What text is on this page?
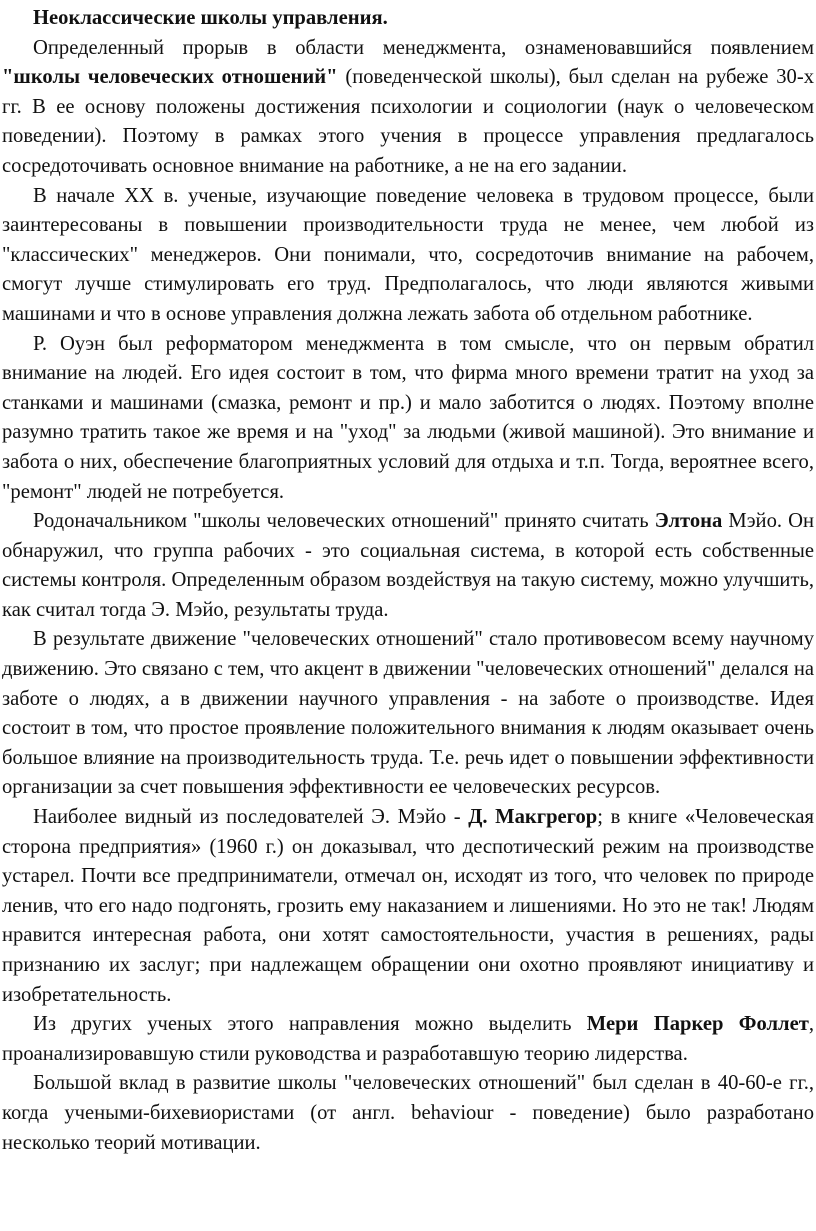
Неоклассические школы управления.

Определенный прорыв в области менеджмента, ознаменовавшийся появлением "школы человеческих отношений" (поведенческой школы), был сделан на рубеже 30-х гг. В ее основу положены достижения психологии и социологии (наук о человеческом поведении). Поэтому в рамках этого учения в процессе управления предлагалось сосредоточивать основное внимание на работнике, а не на его задании.

В начале XX в. ученые, изучающие поведение человека в трудовом процессе, были заинтересованы в повышении производительности труда не менее, чем любой из "классических" менеджеров. Они понимали, что, сосредоточив внимание на рабочем, смогут лучше стимулировать его труд. Предполагалось, что люди являются живыми машинами и что в основе управления должна лежать забота об отдельном работнике.

Р. Оуэн был реформатором менеджмента в том смысле, что он первым обратил внимание на людей. Его идея состоит в том, что фирма много времени тратит на уход за станками и машинами (смазка, ремонт и пр.) и мало заботится о людях. Поэтому вполне разумно тратить такое же время и на "уход" за людьми (живой машиной). Это внимание и забота о них, обеспечение благоприятных условий для отдыха и т.п. Тогда, вероятнее всего, "ремонт" людей не потребуется.

Родоначальником "школы человеческих отношений" принято считать Элтона Мэйо. Он обнаружил, что группа рабочих - это социальная система, в которой есть собственные системы контроля. Определенным образом воздействуя на такую систему, можно улучшить, как считал тогда Э. Мэйо, результаты труда.

В результате движение "человеческих отношений" стало противовесом всему научному движению. Это связано с тем, что акцент в движении "человеческих отношений" делался на заботе о людях, а в движении научного управления - на заботе о производстве. Идея состоит в том, что простое проявление положительного внимания к людям оказывает очень большое влияние на производительность труда. Т.е. речь идет о повышении эффективности организации за счет повышения эффективности ее человеческих ресурсов.

Наиболее видный из последователей Э. Мэйо - Д. Макгрегор; в книге «Человеческая сторона предприятия» (1960 г.) он доказывал, что деспотический режим на производстве устарел. Почти все предприниматели, отмечал он, исходят из того, что человек по природе ленив, что его надо подгонять, грозить ему наказанием и лишениями. Но это не так! Людям нравится интересная работа, они хотят самостоятельности, участия в решениях, рады признанию их заслуг; при надлежащем обращении они охотно проявляют инициативу и изобретательность.

Из других ученых этого направления можно выделить Мери Паркер Фоллет, проанализировавшую стили руководства и разработавшую теорию лидерства.

Большой вклад в развитие школы "человеческих отношений" был сделан в 40-60-е гг., когда учеными-бихевиористами (от англ. behaviour - поведение) было разработано несколько теорий мотивации.
